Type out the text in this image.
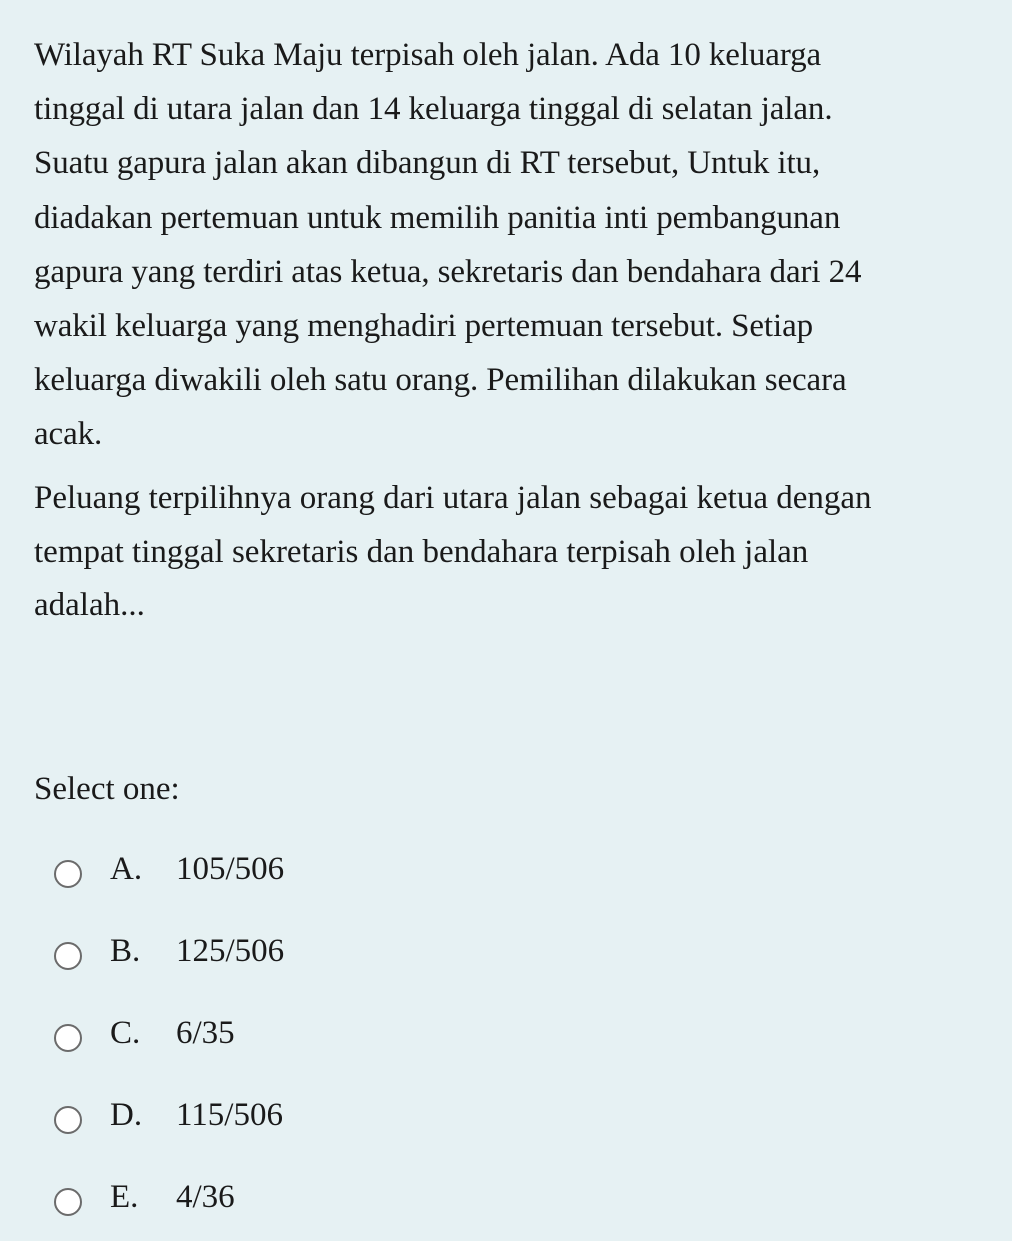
Wilayah RT Suka Maju terpisah oleh jalan. Ada 10 keluarga

tinggal di utara jalan dan 14 keluarga tinggal di selatan jalan.

Suatu gapura jalan akan dibangun di RT tersebut, Untuk itu,

diadakan pertemuan untuk memilih panitia inti pembangunan

gapura yang terdiri atas ketua, sekretaris dan bendahara dari 24

wakil keluarga yang menghadiri pertemuan tersebut. Setiap

keluarga diwakili oleh satu orang. Pemilihan dilakukan secara

acak.

Peluang terpilihnya orang dari utara jalan sebagai ketua dengan

tempat tinggal sekretaris dan bendahara terpisah oleh jalan

adalah...

Select one:
A.	105/506
B.	125/506
C.	6/35
D.	115/506
E.	4/36
